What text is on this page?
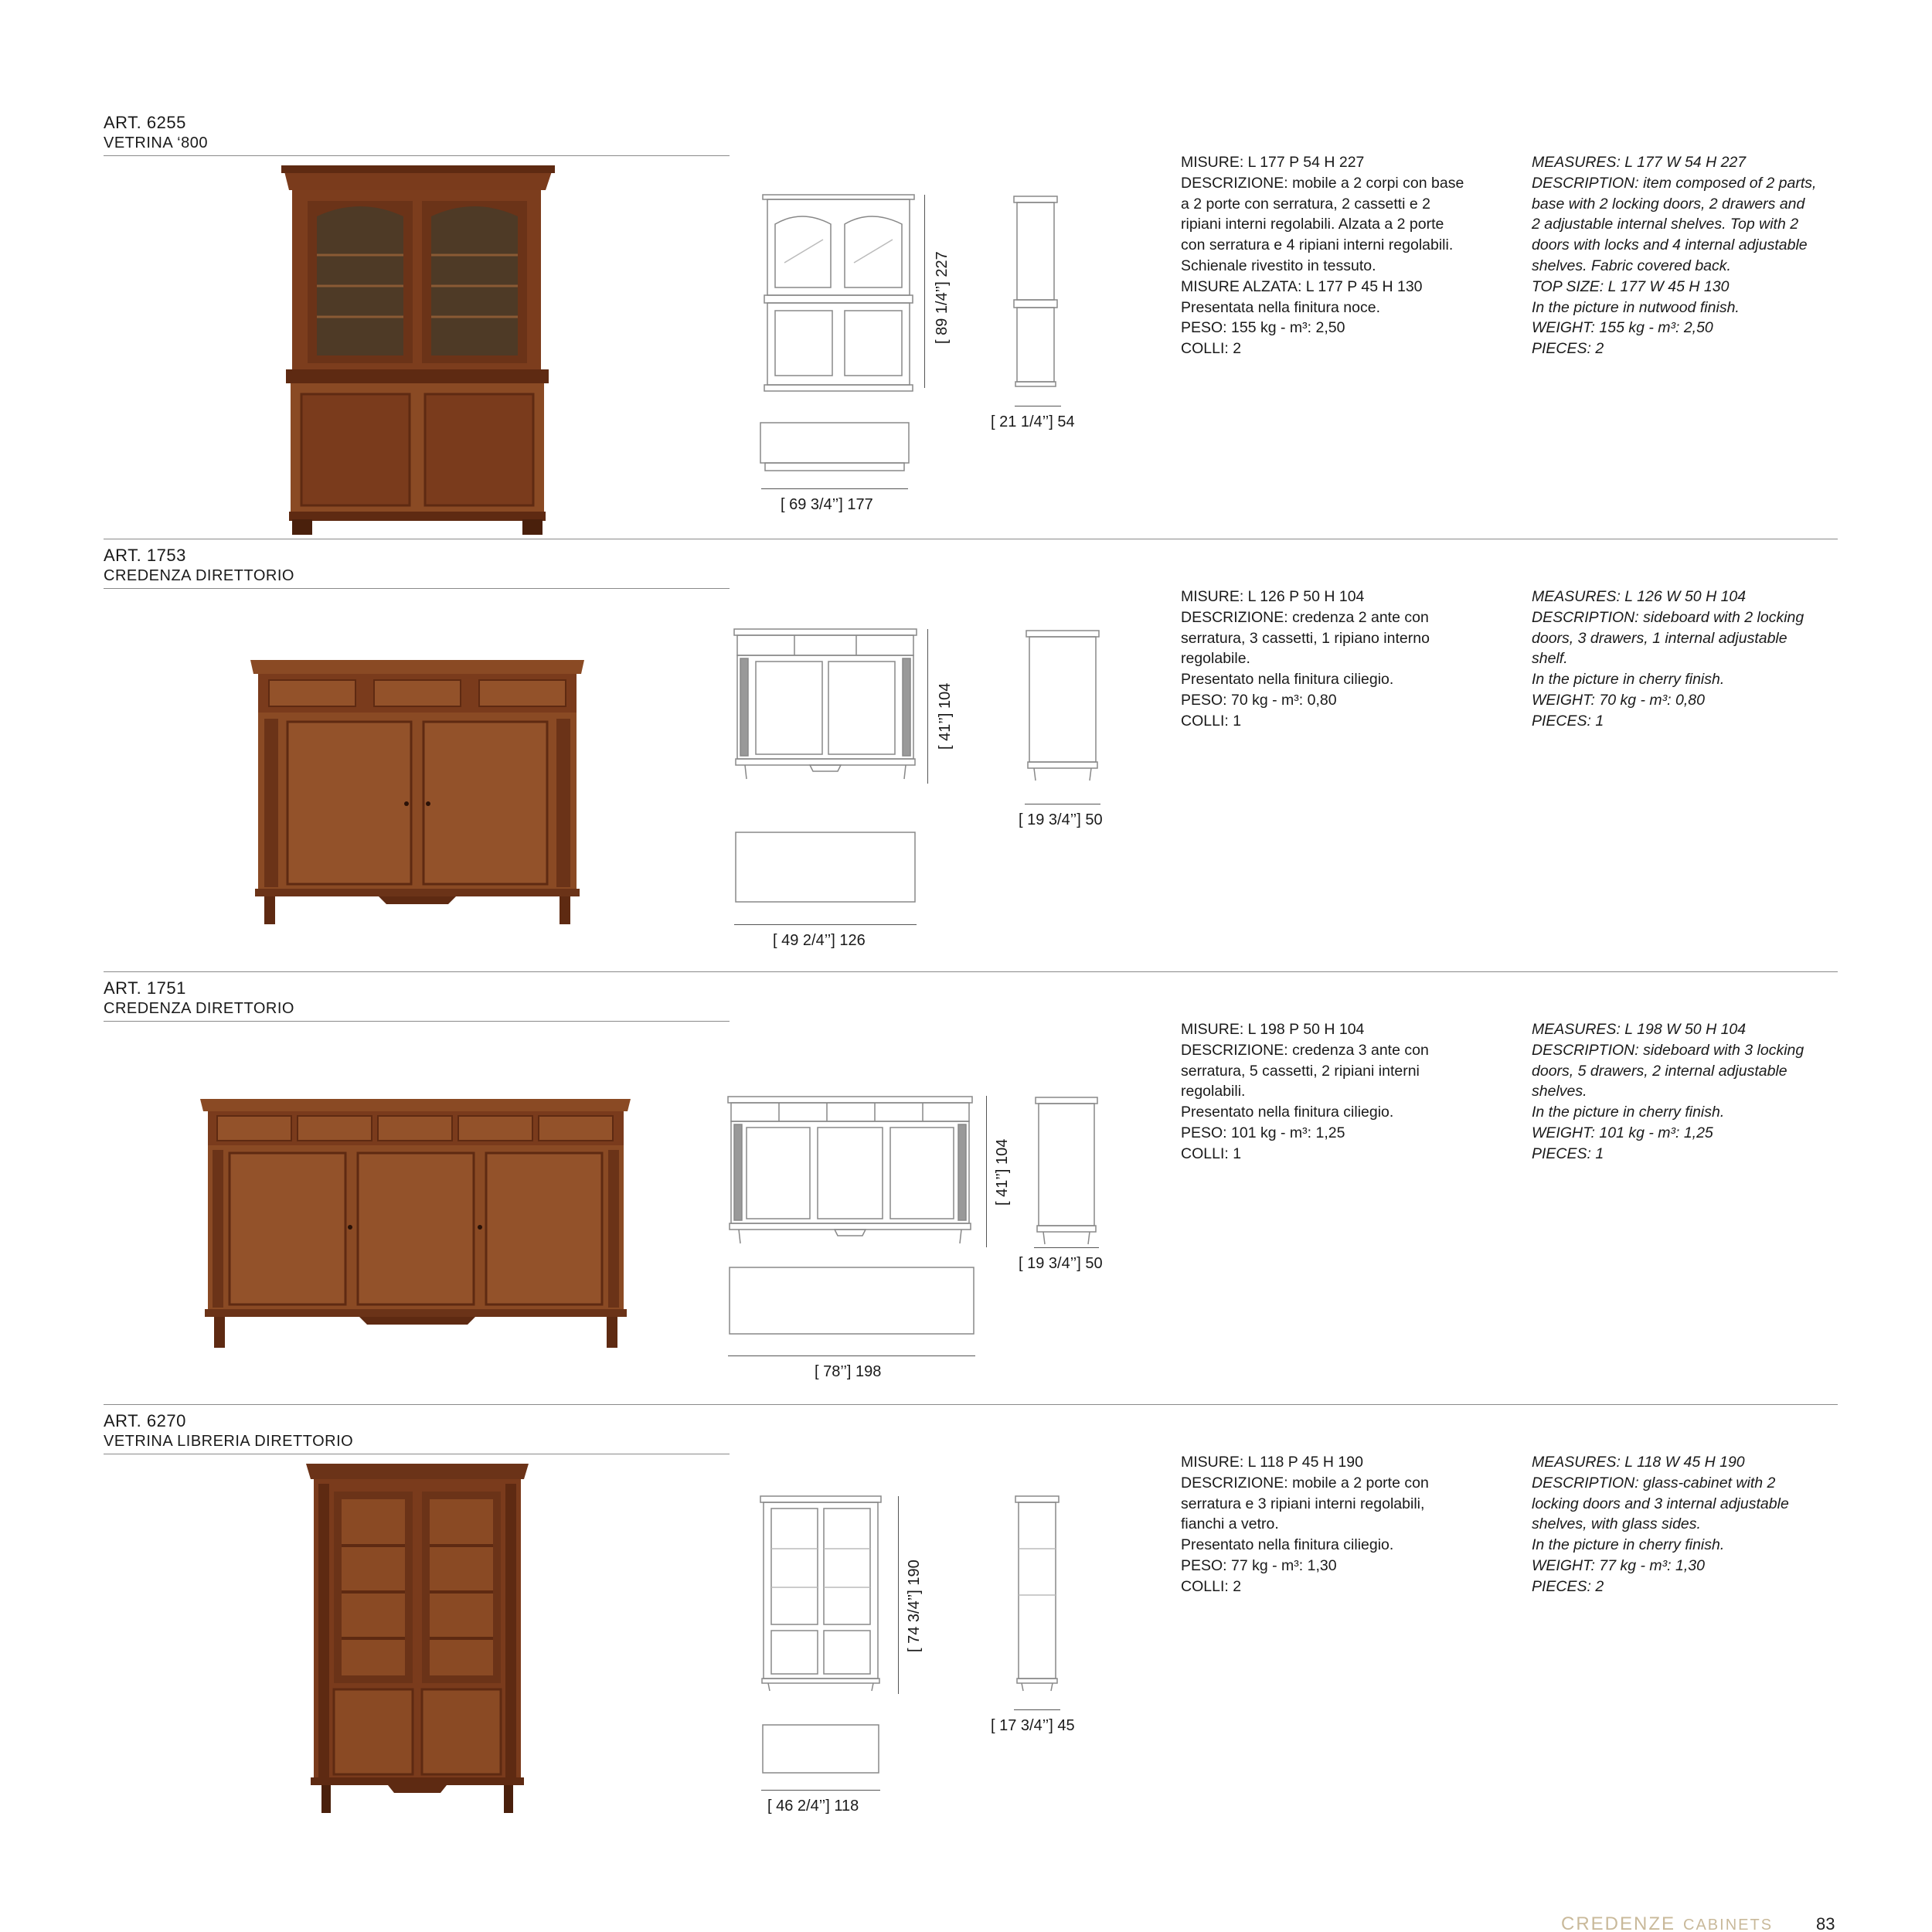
ART. 6255
VETRINA ‘800
[ 89 1/4’’] 227
[ 21 1/4’’] 54
[ 69 3/4’’] 177
MISURE: L 177 P 54 H 227
DESCRIZIONE: mobile a 2 corpi con base
a 2 porte con serratura, 2 cassetti e 2
ripiani interni regolabili. Alzata a 2 porte
con serratura e 4 ripiani interni regolabili.
Schienale rivestito in tessuto.
MISURE ALZATA: L 177 P 45 H 130
Presentata nella finitura noce.
PESO: 155 kg - m³: 2,50
COLLI: 2
MEASURES: L 177 W 54 H 227
DESCRIPTION: item composed of 2 parts,
base with 2 locking doors, 2 drawers and
2 adjustable internal shelves. Top with 2
doors with locks and 4 internal adjustable
shelves. Fabric covered back.
TOP SIZE: L 177 W 45 H 130
In the picture in nutwood finish.
WEIGHT: 155 kg - m³: 2,50
PIECES: 2
ART. 1753
CREDENZA DIRETTORIO
[ 41’’] 104
[ 19 3/4’’] 50
[ 49 2/4’’] 126
MISURE: L 126 P 50 H 104
DESCRIZIONE: credenza 2 ante con
serratura, 3 cassetti, 1 ripiano interno
regolabile.
Presentato nella finitura ciliegio.
PESO: 70 kg - m³: 0,80
COLLI: 1
MEASURES: L 126 W 50 H 104
DESCRIPTION: sideboard with 2 locking
doors, 3 drawers, 1 internal adjustable
shelf.
In the picture in cherry finish.
WEIGHT: 70 kg - m³: 0,80
PIECES: 1
ART. 1751
CREDENZA DIRETTORIO
[ 41’’] 104
[ 19 3/4’’] 50
[ 78’’] 198
MISURE: L 198 P 50 H 104
DESCRIZIONE: credenza 3 ante con
serratura, 5 cassetti, 2 ripiani interni
regolabili.
Presentato nella finitura ciliegio.
PESO: 101 kg - m³: 1,25
COLLI: 1
MEASURES: L 198 W 50 H 104
DESCRIPTION: sideboard with 3 locking
doors, 5 drawers, 2 internal adjustable
shelves.
In the picture in cherry finish.
WEIGHT: 101 kg - m³: 1,25
PIECES: 1
ART. 6270
VETRINA LIBRERIA DIRETTORIO
[ 74 3/4’’] 190
[ 17 3/4’’] 45
[ 46 2/4’’] 118
MISURE: L 118 P 45 H 190
DESCRIZIONE: mobile a 2 porte con
serratura e 3 ripiani interni regolabili,
fianchi a vetro.
Presentato nella finitura ciliegio.
PESO: 77 kg - m³: 1,30
COLLI: 2
MEASURES: L 118 W 45 H 190
DESCRIPTION: glass-cabinet with 2
locking doors and 3 internal adjustable
shelves, with glass sides.
In the picture in cherry finish.
WEIGHT: 77 kg - m³: 1,30
PIECES: 2
CREDENZE CABINETS	83
